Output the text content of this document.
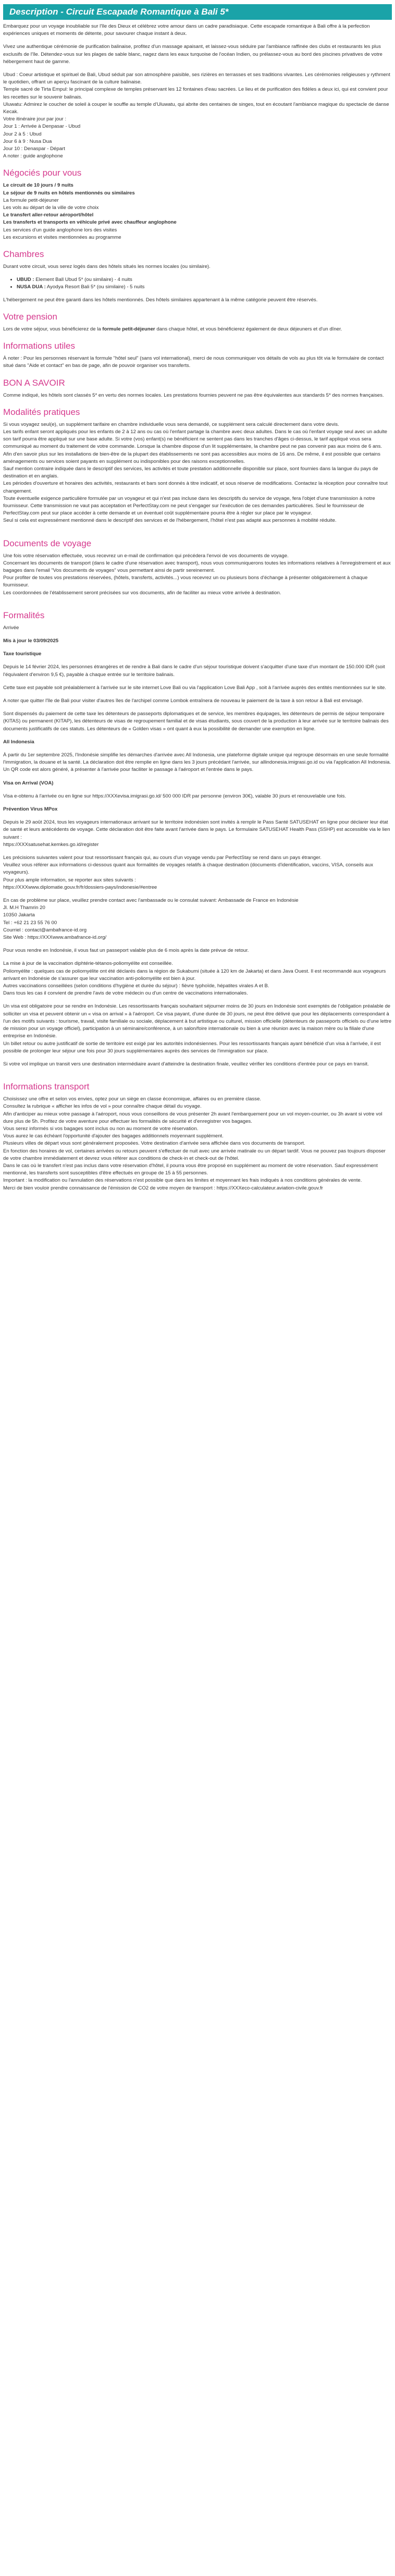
Description - Circuit Escapade Romantique à Bali 5*

Embarquez pour un voyage inoubliable sur l'île des Dieux et célébrez votre amour dans un cadre paradisiaque. Cette escapade romantique à Bali offre à la perfection expériences uniques et moments de détente, pour savourer chaque instant à deux.

Vivez une authentique cérémonie de purification balinaise, profitez d'un massage apaisant, et laissez-vous séduire par l'ambiance raffinée des clubs et restaurants les plus exclusifs de l'île. Détendez-vous sur les plages de sable blanc, nagez dans les eaux turquoise de l'océan Indien, ou prélassez-vous au bord des piscines privatives de votre hébergement haut de gamme.

Ubud : Coeur artistique et spirituel de Bali, Ubud séduit par son atmosphère paisible, ses rizières en terrasses et ses traditions vivantes. Les cérémonies religieuses y rythment le quotidien, offrant un aperçu fascinant de la culture balinaise.
Temple sacré de Tirta Empul: le principal complexe de temples préservant les 12 fontaines d'eau sacrées. Le lieu et de purification des fidèles a deux ici, qui est convient pour les recettes sur le souvenir balinais.
Uluwatu: Admirez le coucher de soleil à couper le souffle au temple d'Uluwatu, qui abrite des centaines de singes, tout en écoutant l'ambiance magique du spectacle de danse Kecak.
Votre itinéraire jour par jour :
Jour 1 : Arrivée à Denpasar - Ubud
Jour 2 à 5 : Ubud
Jour 6 à 9 : Nusa Dua
Jour 10 : Denaspar - Départ
A noter : guide anglophone

Négociés pour vous
Le circuit de 10 jours / 9 nuits
Le séjour de 9 nuits en hôtels mentionnés ou similaires
La formule petit-déjeuner
Les vols au départ de la ville de votre choix
Le transfert aller-retour aéroport/hôtel
Les transferts et transports en véhicule privé avec chauffeur anglophone
Les services d'un guide anglophone lors des visites
Les excursions et visites mentionnées au programme
Chambres

Durant votre circuit, vous serez logés dans des hôtels situés les normes locales (ou similaire).

• UBUD : Element Ball Ubud 5* (ou similaire) - 4 nuits
• NUSA DUA : Ayodya Resort Bali 5* (ou similaire) - 5 nuits

L'hébergement ne peut être garanti dans les hôtels mentionnés. Des hôtels similaires appartenant à la même catégorie peuvent être réservés.

Votre pension

Lors de votre séjour, vous bénéficierez de la formule petit-déjeuner dans chaque hôtel, et vous bénéficierez également de deux déjeuners et d'un dîner.

Informations utiles

À noter : Pour les personnes réservant la formule "hôtel seul" (sans vol international), merci de nous communiquer vos détails de vols au plus tôt via le formulaire de contact situé dans "Aide et contact" en bas de page, afin de pouvoir organiser vos transferts.

BON A SAVOIR

Comme indiqué, les hôtels sont classés 5* en vertu des normes locales. Les prestations fournies peuvent ne pas être équivalentes aux standards 5* des normes françaises.

Modalités pratiques
Si vous voyagez seul(e), un supplément tarifaire en chambre individuelle vous sera demandé, ce supplément sera calculé directement dans votre devis.
Les tarifs enfant seront appliqués pour les enfants de 2 à 12 ans ou cas où l'enfant partage la chambre avec deux adultes. Dans le cas où l'enfant voyage seul avec un adulte son tarif pourra être appliqué sur une base adulte. Si votre (vos) enfant(s) ne bénéficient ne sentent pas dans les tranches d'âges ci-dessus, le tarif appliqué vous sera communiqué au moment du traitement de votre commande. Lorsque la chambre dispose d'un lit supplémentaire, la chambre peut ne pas convenir pas aux moins de 6 ans.
Afin d'en savoir plus sur les installations de bien-être de la plupart des établissements ne sont pas accessibles aux moins de 16 ans. De même, il est possible que certains aménagements ou services soient payants en supplément ou indisponibles pour des raisons exceptionnelles.
Sauf mention contraire indiquée dans le descriptif des services, les activités et toute prestation additionnelle disponible sur place, sont fournies dans la langue du pays de destination et en anglais.
Les périodes d'ouverture et horaires des activités, restaurants et bars sont donnés à titre indicatif, et sous réserve de modifications. Contactez la réception pour connaître tout changement.
Toute éventuelle exigence particulière formulée par un voyageur et qui n'est pas incluse dans les descriptifs du service de voyage, fera l'objet d'une transmission à notre fournisseur. Cette transmission ne vaut pas acceptation et PerfectStay.com ne peut s'engager sur l'exécution de ces demandes particulières. Seul le fournisseur de PerfectStay.com peut sur place accéder à cette demande et un éventuel coût supplémentaire pourra être à régler sur place par le voyageur.
Seul si cela est expressément mentionné dans le descriptif des services et de l'hébergement, l'hôtel n'est pas adapté aux personnes à mobilité réduite.
Documents de voyage
Une fois votre réservation effectuée, vous recevrez un e-mail de confirmation qui précédera l'envoi de vos documents de voyage.
Concernant les documents de transport (dans le cadre d'une réservation avec transport), nous vous communiquerons toutes les informations relatives à l'enregistrement et aux bagages dans l'email "Vos documents de voyages" vous permettant ainsi de partir sereinement.
Pour profiter de toutes vos prestations réservées, (hôtels, transferts, activités...) vous recevrez un ou plusieurs bons d'échange à présenter obligatoirement à chaque fournisseur.
Les coordonnées de l'établissement seront précisées sur vos documents, afin de faciliter au mieux votre arrivée à destination.
Formalités

Arrivée

Mis à jour le 03/09/2025

Taxe touristique

Depuis le 14 février 2024, les personnes étrangères et de rendre à Bali dans le cadre d'un séjour touristique doivent s'acquitter d'une taxe d'un montant de 150.000 IDR (soit l'équivalent d'environ 9,5 €), payable à chaque entrée sur le territoire balinais.

Cette taxe est payable soit préalablement à l'arrivée sur le site internet Love Bali ou via l'application Love Bali App , soit à l'arrivée auprès des entités mentionnées sur le site.

A noter que quitter l'île de Bali pour visiter d'autres îles de l'archipel comme Lombok entraînera de nouveau le paiement de la taxe à son retour à Bali est envisagé.

Sont dispensés du paiement de cette taxe les détenteurs de passeports diplomatiques et de service, les membres équipages, les détenteurs de permis de séjour temporaire (KITAS) ou permanent (KITAP), les détenteurs de visas de regroupement familial et de visas étudiants, sous couvert de la production à leur arrivée sur le territoire balinais des documents justificatifs de ces statuts. Les détenteurs de « Golden visas » ont quant à eux la possibilité de demander une exemption en ligne.

All Indonesia

À partir du 1er septembre 2025, l'Indonésie simplifie les démarches d'arrivée avec All Indonesia, une plateforme digitale unique qui regroupe désormais en une seule formalité l'immigration, la douane et la santé. La déclaration doit être remplie en ligne dans les 3 jours précédant l'arrivée, sur allindonesia.imigrasi.go.id ou via l'application All Indonesia. Un QR code est alors généré, à présenter à l'arrivée pour faciliter le passage à l'aéroport et l'entrée dans le pays.

Visa on Arrival (VOA)

Visa e-obtenu à l'arrivée ou en ligne sur https://XXXevisa.imigrasi.go.id/ 500 000 IDR par personne (environ 30€), valable 30 jours et renouvelable une fois.

Prévention Virus MPox

Depuis le 29 août 2024, tous les voyageurs internationaux arrivant sur le territoire indonésien sont invités à remplir le Pass Santé SATUSEHAT en ligne pour déclarer leur état de santé et leurs antécédents de voyage. Cette déclaration doit être faite avant l'arrivée dans le pays. Le formulaire SATUSEHAT Health Pass (SSHP) est accessible via le lien suivant :
https://XXXsatusehat.kemkes.go.id/register
Les précisions suivantes valent pour tout ressortissant français qui, au cours d'un voyage vendu par PerfectStay se rend dans un pays étranger.
Veuillez vous référer aux informations ci-dessous quant aux formalités de voyages relatifs à chaque destination (documents d'identification, vaccins, VISA, conseils aux voyageurs).
Pour plus ample information, se reporter aux sites suivants :
https://XXXwww.diplomatie.gouv.fr/fr/dossiers-pays/indonesie/#entree
En cas de problème sur place, veuillez prendre contact avec l'ambassade ou le consulat suivant: Ambassade de France en Indonésie
Jl. M.H Thamrin 20
10350 Jakarta
Tel : +62 21 23 55 76 00
Courriel : contact@ambafrance-id.org
Site Web : https://XXXwww.ambafrance-id.org/
Pour vous rendre en Indonésie, il vous faut un passeport valable plus de 6 mois après la date prévue de retour.
La mise à jour de la vaccination diphtérie-tétanos-poliomyélite est conseillée.
Poliomyélite : quelques cas de poliomyélite ont été déclarés dans la région de Sukabumi (située à 120 km de Jakarta) et dans Java Ouest. Il est recommandé aux voyageurs arrivant en Indonésie de s'assurer que leur vaccination anti-poliomyélite est bien à jour.
Autres vaccinations conseillées (selon conditions d'hygiène et durée du séjour) : fièvre typhoïde, hépatites virales A et B.
Dans tous les cas il convient de prendre l'avis de votre médecin ou d'un centre de vaccinations internationales.
Un visa est obligatoire pour se rendre en Indonésie. Les ressortissants français souhaitant séjourner moins de 30 jours en Indonésie sont exemptés de l'obligation préalable de solliciter un visa et peuvent obtenir un « visa on arrival » à l'aéroport. Ce visa payant, d'une durée de 30 jours, ne peut être délivré que pour les déplacements correspondant à l'un des motifs suivants : tourisme, travail, visite familiale ou sociale, déplacement à but artistique ou culturel, mission officielle (détenteurs de passeports officiels ou d'une lettre de mission pour un voyage officiel), participation à un séminaire/conférence, à un salon/foire internationale ou bien à une réunion avec la maison mère ou la filiale d'une entreprise en Indonésie.
Un billet retour ou autre justificatif de sortie de territoire est exigé par les autorités indonésiennes. Pour les ressortissants français ayant bénéficié d'un visa à l'arrivée, il est possible de prolonger leur séjour une fois pour 30 jours supplémentaires auprès des services de l'immigration sur place.
Si votre vol implique un transit vers une destination intermédiaire avant d'atteindre la destination finale, veuillez vérifier les conditions d'entrée pour ce pays en transit.
Informations transport
Choisissez une offre et selon vos envies, optez pour un siège en classe économique, affaires ou en première classe.
Consultez la rubrique « afficher les infos de vol » pour connaître chaque détail du voyage.
Afin d'anticiper au mieux votre passage à l'aéroport, nous vous conseillons de vous présenter 2h avant l'embarquement pour un vol moyen-courrier, ou 3h avant si votre vol dure plus de 5h. Profitez de votre aventure pour effectuer les formalités de sécurité et d'enregistrer vos bagages.
Vous serez informés si vos bagages sont inclus ou non au moment de votre réservation.
Vous aurez le cas échéant l'opportunité d'ajouter des bagages additionnels moyennant supplément.
Plusieurs villes de départ vous sont généralement proposées. Votre destination d'arrivée sera affichée dans vos documents de transport.
En fonction des horaires de vol, certaines arrivées ou retours peuvent s'effectuer de nuit avec une arrivée matinale ou un départ tardif. Vous ne pouvez pas toujours disposer de votre chambre immédiatement et devrez vous référer aux conditions de check-in et check-out de l'hôtel.
Dans le cas où le transfert n'est pas inclus dans votre réservation d'hôtel, il pourra vous être proposé en supplément au moment de votre réservation. Sauf expressément mentionné, les transferts sont susceptibles d'être effectués en groupe de 15 à 55 personnes.
Important : la modification ou l'annulation des réservations n'est possible que dans les limites et moyennant les frais indiqués à nos conditions générales de vente.
Merci de bien vouloir prendre connaissance de l'émission de CO2 de votre moyen de transport : https://XXXeco-calculateur.aviation-civile.gouv.fr
